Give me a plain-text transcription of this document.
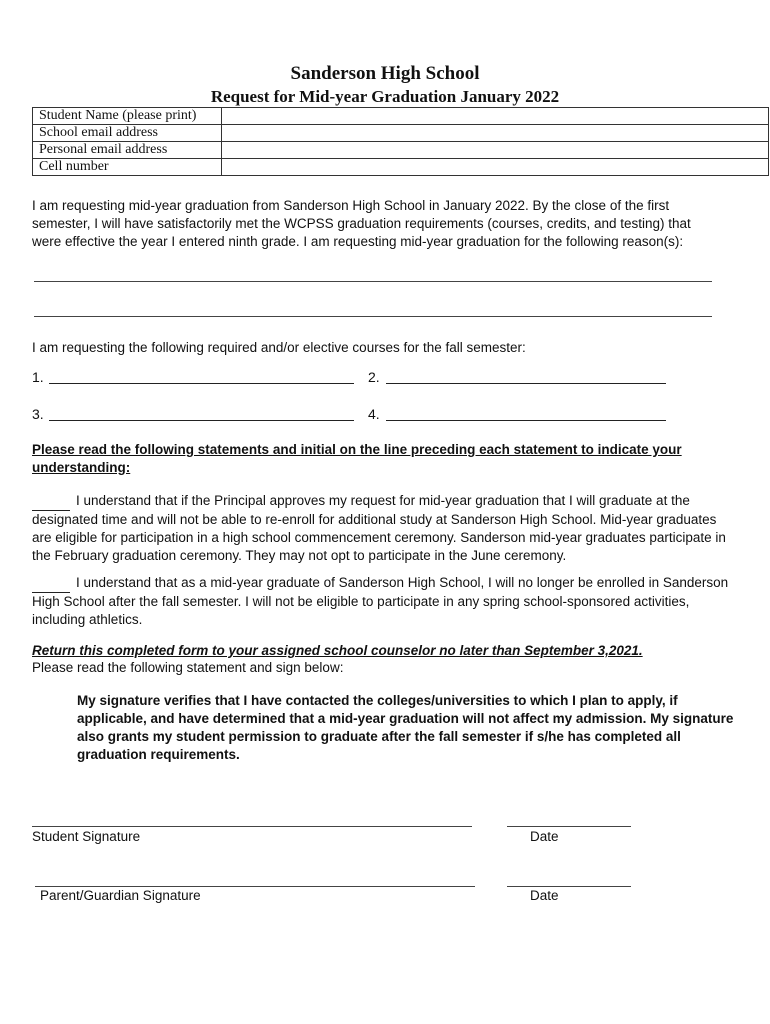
Sanderson High School
Request for Mid-year Graduation January 2022
Student Name (please print)	
School email address	
Personal email address	
Cell number	
I am requesting mid-year graduation from Sanderson High School in January 2022. By the close of the first semester, I will have satisfactorily met the WCPSS graduation requirements (courses, credits, and testing) that were effective the year I entered ninth grade. I am requesting mid-year graduation for the following reason(s):
I am requesting the following required and/or elective courses for the fall semester:
1.	2.
3.	4.
Please read the following statements and initial on the line preceding each statement to indicate your understanding:
I understand that if the Principal approves my request for mid-year graduation that I will graduate at the designated time and will not be able to re-enroll for additional study at Sanderson High School. Mid-year graduates are eligible for participation in a high school commencement ceremony. Sanderson mid-year graduates participate in the February graduation ceremony. They may not opt to participate in the June ceremony.
I understand that as a mid-year graduate of Sanderson High School, I will no longer be enrolled in Sanderson High School after the fall semester. I will not be eligible to participate in any spring school-sponsored activities, including athletics.
Return this completed form to your assigned school counselor no later than September 3,2021.
Please read the following statement and sign below:
My signature verifies that I have contacted the colleges/universities to which I plan to apply, if applicable, and have determined that a mid-year graduation will not affect my admission. My signature also grants my student permission to graduate after the fall semester if s/he has completed all graduation requirements.
Student Signature	Date
Parent/Guardian Signature	Date
